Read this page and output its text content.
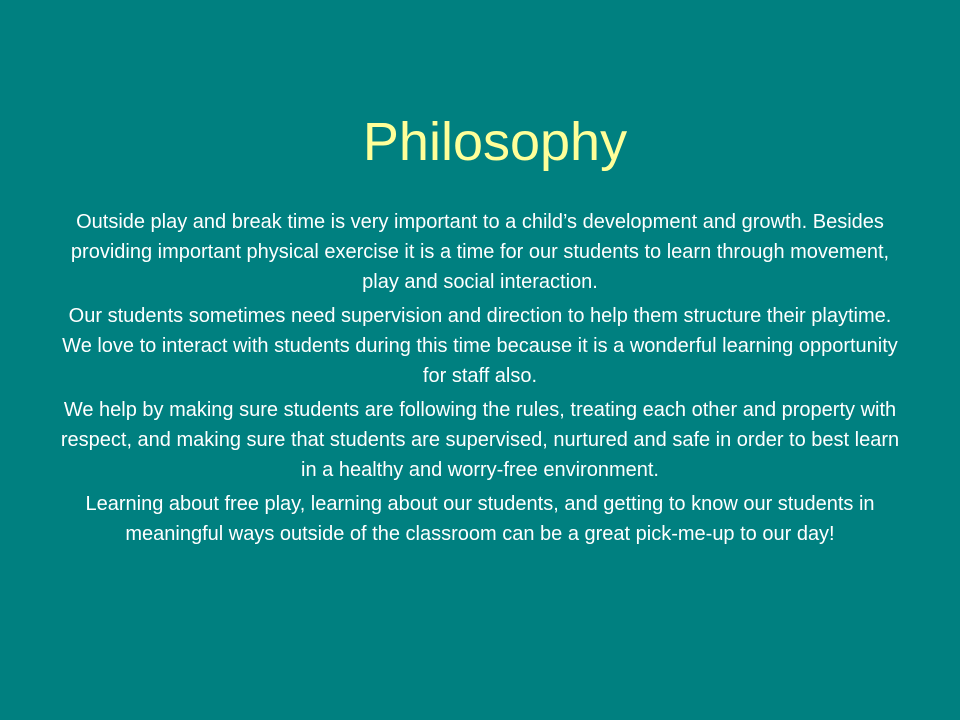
Philosophy

Outside play and break time is very important to a child’s development and growth. Besides providing important physical exercise it is a time for our students to learn through movement, play and social interaction.

Our students sometimes need supervision and direction to help them structure their playtime. We love to interact with students during this time because it is a wonderful learning opportunity for staff also.

We help by making sure students are following the rules, treating each other and property with respect, and making sure that students are supervised, nurtured and safe in order to best learn in a healthy and worry-free environment.

Learning about free play, learning about our students, and getting to know our students in meaningful ways outside of the classroom can be a great pick-me-up to our day!
